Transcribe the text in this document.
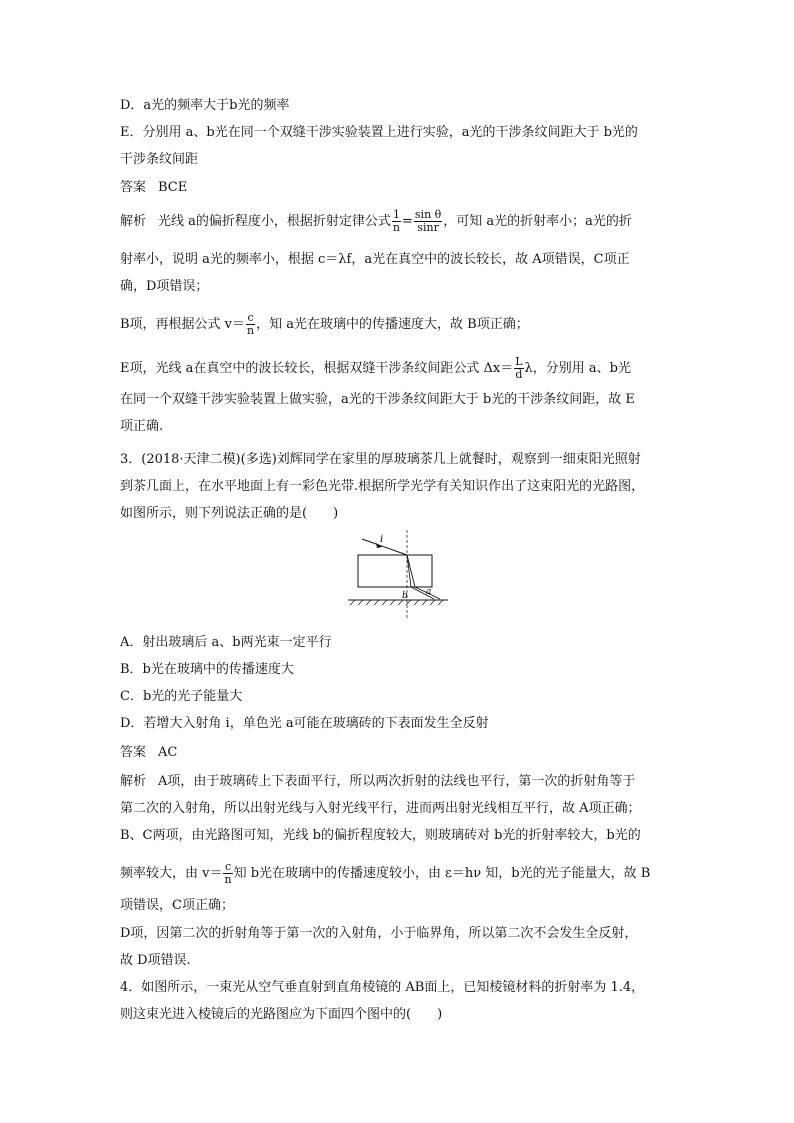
D．a光的频率大于b光的频率
E．分别用 a、b光在同一个双缝干涉实验装置上进行实验，a光的干涉条纹间距大于 b光的
干涉条纹间距
答案 BCE
解析 光线 a的偏折程度小，根据折射定律公式 $\frac{1}{n} = \frac{\text{sin θ}}{\sin r}$ ，可知 a光的折射率小；a光的折
射率小，说明 a光的频率小，根据 c＝λf，a光在真空中的波长较长，故 A项错误，C项正
确，D项错误；
B项，再根据公式 $v= \frac{c}{n}$ ，知 a光在玻璃中的传播速度大，故 B项正确；
E项，光线 a在真空中的波长较长，根据双缝干涉条纹间距公式 $\Delta x= \frac{L}{d}$ λ，分别用 a、b光
在同一个双缝干涉实验装置上做实验，a光的干涉条纹间距大于 b光的干涉条纹间距，故 E
项正确.
3．(2018·天津二模)(多选)刘辉同学在家里的厚玻璃茶几上就餐时，观察到一细束阳光照射
到茶几面上，在水平地面上有一彩色光带.根据所学光学有关知识作出了这束阳光的光路图，
如图所示，则下列说法正确的是(　　)
i
a
b
A．射出玻璃后 a、b两光束一定平行
B．b光在玻璃中的传播速度大
C．b光的光子能量大
D．若增大入射角 i，单色光 a可能在玻璃砖的下表面发生全反射
答案 AC
解析 A项，由于玻璃砖上下表面平行，所以两次折射的法线也平行，第一次的折射角等于
第二次的入射角，所以出射光线与入射光线平行，进而两出射光线相互平行，故 A项正确；
B、C两项，由光路图可知，光线 b的偏折程度较大，则玻璃砖对 b光的折射率较大，b光的
频率较大，由 $v= \frac{c}{n}$ 知 b光在玻璃中的传播速度较小，由 ε＝hν 知，b光的光子能量大，故 B
项错误，C项正确；
D项，因第二次的折射角等于第一次的入射角，小于临界角，所以第二次不会发生全反射，
故 D项错误.
4．如图所示，一束光从空气垂直射到直角棱镜的 AB面上，已知棱镜材料的折射率为 1.4，
则这束光进入棱镜后的光路图应为下面四个图中的(　　)
